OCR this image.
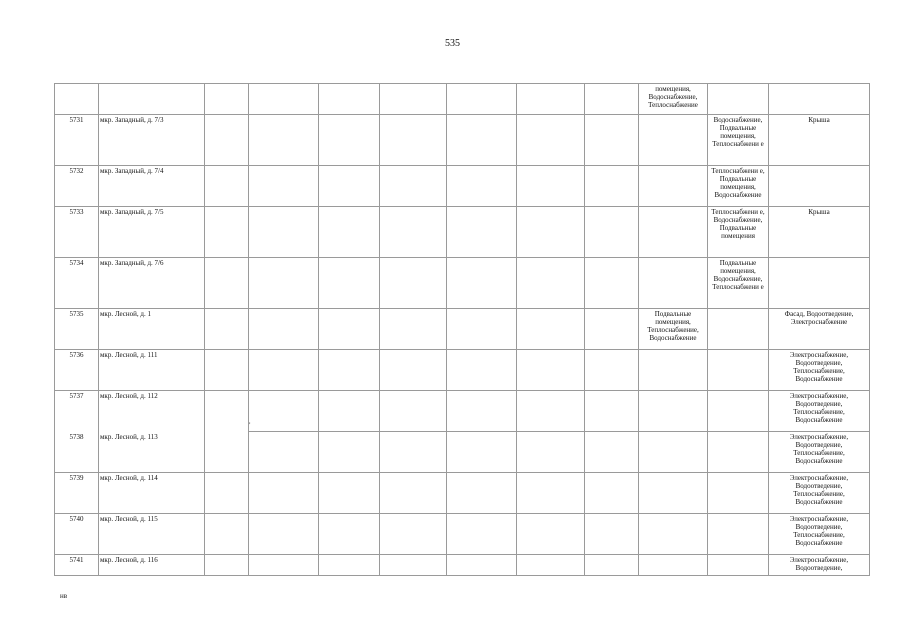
535
									помещения, Водоснабжение, Теплоснабжение		
5731	мкр. Западный, д. 7/3									Водоснабжение, Подвальные помещения, Теплоснабжени е	Крыша
5732	мкр. Западный, д. 7/4									Теплоснабжени е, Подвальные помещения, Водоснабжение	
5733	мкр. Западный, д. 7/5									Теплоснабжени е, Водоснабжение, Подвальные помещения	Крыша
5734	мкр. Западный, д. 7/6									Подвальные помещения, Водоснабжение, Теплоснабжени е	
5735	мкр. Лесной, д. 1								Подвальные помещения, Теплоснабжение, Водоснабжение		Фасад, Водоотведение, Электроснабжение
5736	мкр. Лесной, д. 111										Электроснабжение, Водоотведение, Теплоснабжение, Водоснабжение
5737	мкр. Лесной, д. 112										Электроснабжение, Водоотведение, Теплоснабжение, Водоснабжение
5738	мкр. Лесной, д. 113										Электроснабжение, Водоотведение, Теплоснабжение, Водоснабжение
5739	мкр. Лесной, д. 114										Электроснабжение, Водоотведение, Теплоснабжение, Водоснабжение
5740	мкр. Лесной, д. 115										Электроснабжение, Водоотведение, Теплоснабжение, Водоснабжение
5741	мкр. Лесной, д. 116										Электроснабжение, Водоотведение,
,
нв
